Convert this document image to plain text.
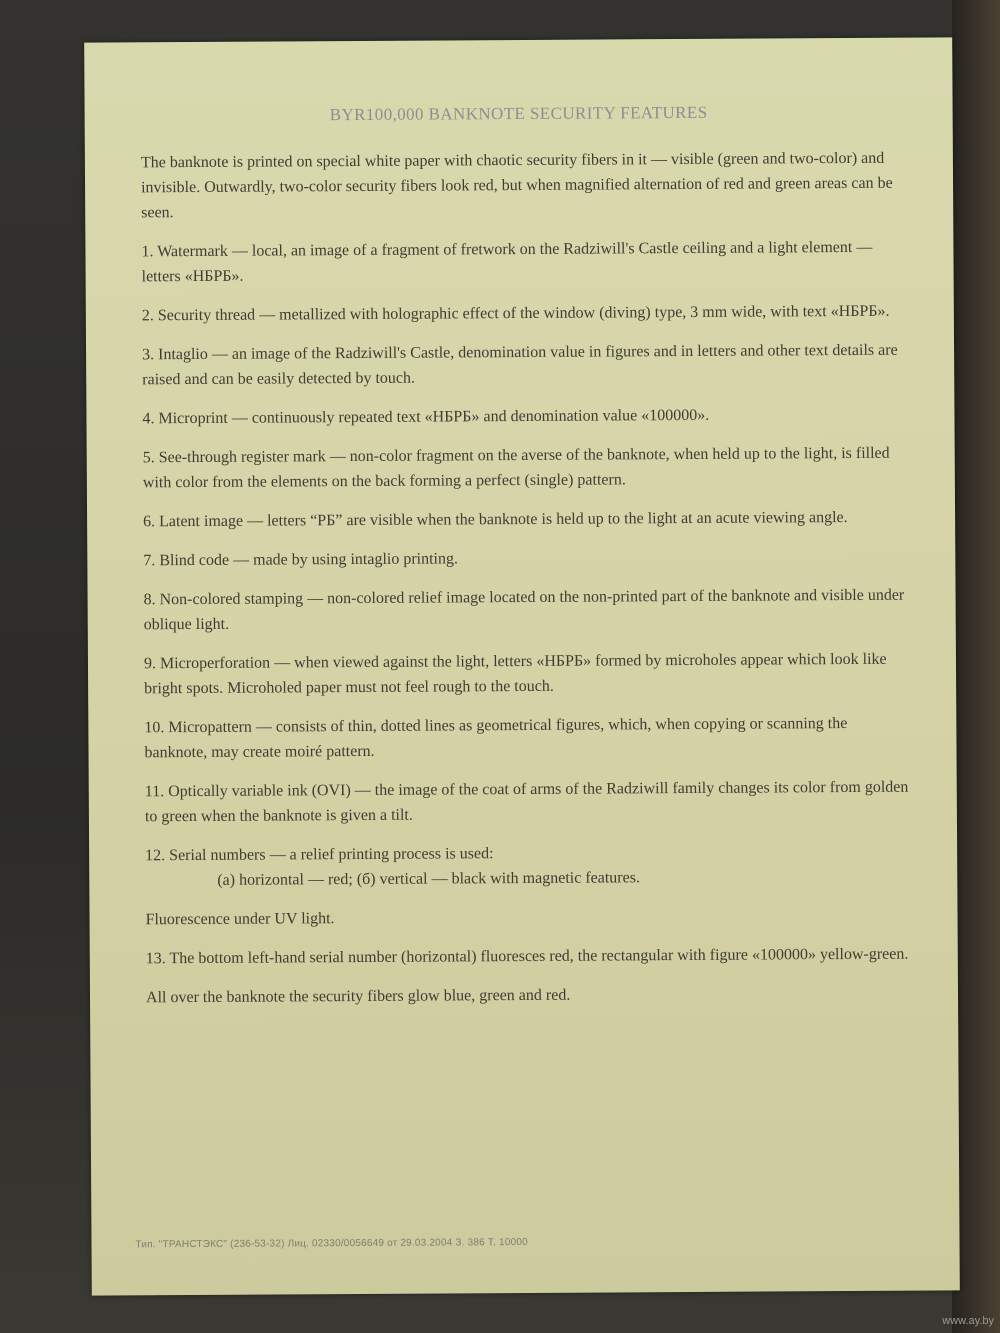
BYR100,000 BANKNOTE SECURITY FEATURES

The banknote is printed on special white paper with chaotic security fibers in it — visible (green and two-color) and invisible. Outwardly, two-color security fibers look red, but when magnified alternation of red and green areas can be seen.

1. Watermark — local, an image of a fragment of fretwork on the Radziwill's Castle ceiling and a light element — letters «НБРБ».

2. Security thread — metallized with holographic effect of the window (diving) type, 3 mm wide, with text «НБРБ».

3. Intaglio — an image of the Radziwill's Castle, denomination value in figures and in letters and other text details are raised and can be easily detected by touch.

4. Microprint — continuously repeated text «НБРБ» and denomination value «100000».

5. See-through register mark — non-color fragment on the averse of the banknote, when held up to the light, is filled with color from the elements on the back forming a perfect (single) pattern.

6. Latent image — letters “РБ” are visible when the banknote is held up to the light at an acute viewing angle.

7. Blind code — made by using intaglio printing.

8. Non-colored stamping — non-colored relief image located on the non-printed part of the banknote and visible under oblique light.

9. Microperforation — when viewed against the light, letters «НБРБ» formed by microholes appear which look like bright spots. Microholed paper must not feel rough to the touch.

10. Micropattern — consists of thin, dotted lines as geometrical figures, which, when copying or scanning the banknote, may create moiré pattern.

11. Optically variable ink (OVI) — the image of the coat of arms of the Radziwill family changes its color from golden to green when the banknote is given a tilt.

12. Serial numbers — a relief printing process is used:

(a) horizontal — red; (б) vertical — black with magnetic features.

Fluorescence under UV light.

13. The bottom left-hand serial number (horizontal) fluoresces red, the rectangular with figure «100000» yellow-green.

All over the banknote the security fibers glow blue, green and red.

Тип. "ТРАНСТЭКС" (236-53-32) Лиц. 02330/0056649 от 29.03.2004 З. 386 Т. 10000
www.ay.by
